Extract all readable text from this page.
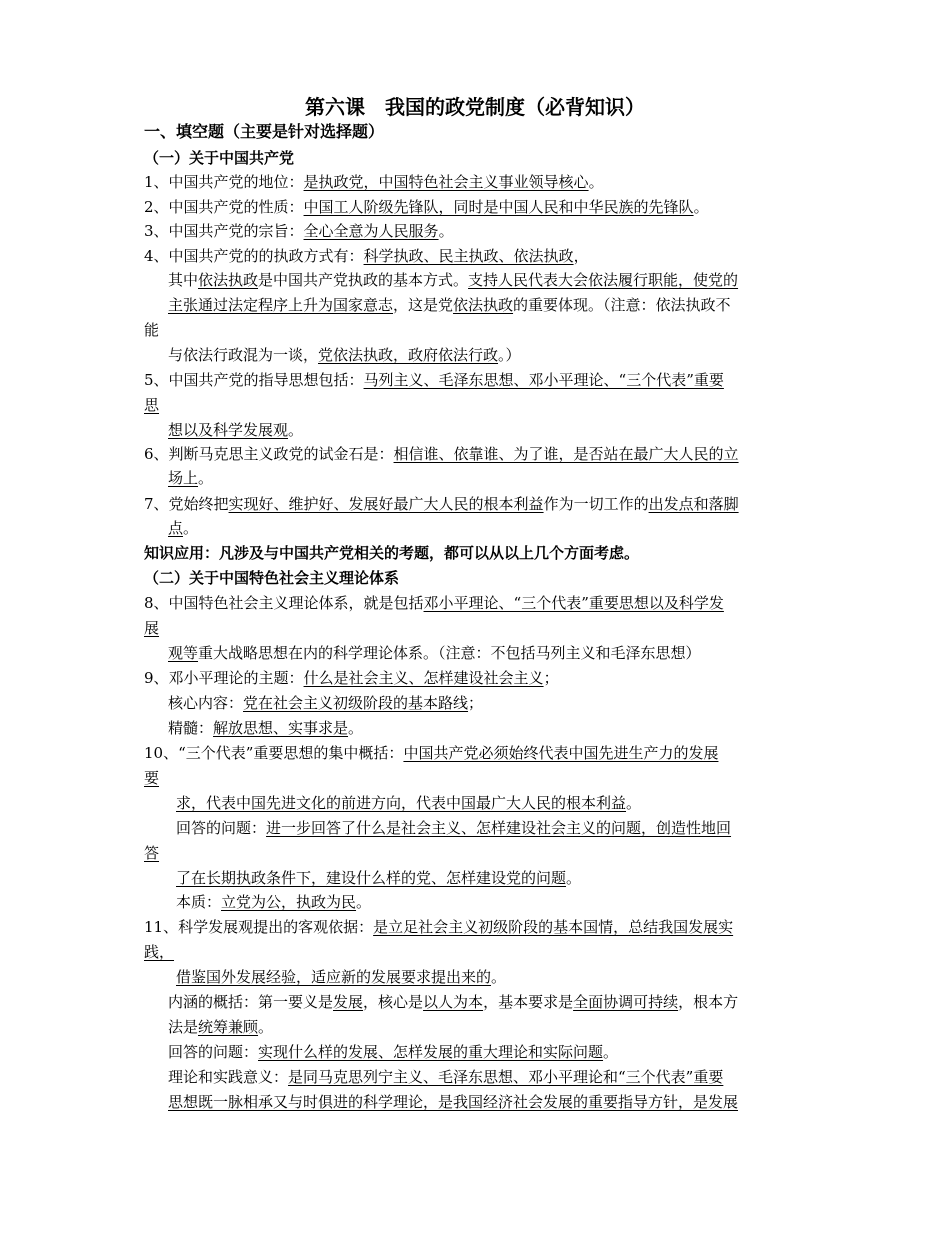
第六课　我国的政党制度（必背知识）
一、填空题（主要是针对选择题）
（一）关于中国共产党
1、中国共产党的地位：是执政党，中国特色社会主义事业领导核心。
2、中国共产党的性质：中国工人阶级先锋队，同时是中国人民和中华民族的先锋队。
3、中国共产党的宗旨：全心全意为人民服务。
4、中国共产党的的执政方式有：科学执政、民主执政、依法执政，
其中依法执政是中国共产党执政的基本方式。支持人民代表大会依法履行职能，使党的
主张通过法定程序上升为国家意志，这是党依法执政的重要体现。（注意：依法执政不
能
与依法行政混为一谈，党依法执政，政府依法行政。）
5、中国共产党的指导思想包括：马列主义、毛泽东思想、邓小平理论、“三个代表”重要
思
想以及科学发展观。
6、判断马克思主义政党的试金石是：相信谁、依靠谁、为了谁，是否站在最广大人民的立
场上。
7、党始终把实现好、维护好、发展好最广大人民的根本利益作为一切工作的出发点和落脚
点。
知识应用：凡涉及与中国共产党相关的考题，都可以从以上几个方面考虑。
（二）关于中国特色社会主义理论体系
8、中国特色社会主义理论体系，就是包括邓小平理论、“三个代表”重要思想以及科学发
展
观等重大战略思想在内的科学理论体系。（注意：不包括马列主义和毛泽东思想）
9、邓小平理论的主题：什么是社会主义、怎样建设社会主义；
核心内容：党在社会主义初级阶段的基本路线；
精髓：解放思想、实事求是。
10、“三个代表”重要思想的集中概括：中国共产党必须始终代表中国先进生产力的发展
要
求，代表中国先进文化的前进方向，代表中国最广大人民的根本利益。
回答的问题：进一步回答了什么是社会主义、怎样建设社会主义的问题，创造性地回
答
了在长期执政条件下，建设什么样的党、怎样建设党的问题。
本质：立党为公，执政为民。
11、科学发展观提出的客观依据：是立足社会主义初级阶段的基本国情，总结我国发展实
践，
借鉴国外发展经验，适应新的发展要求提出来的。
内涵的概括：第一要义是发展，核心是以人为本，基本要求是全面协调可持续，根本方
法是统筹兼顾。
回答的问题：实现什么样的发展、怎样发展的重大理论和实际问题。
理论和实践意义：是同马克思列宁主义、毛泽东思想、邓小平理论和“三个代表”重要
思想既一脉相承又与时俱进的科学理论，是我国经济社会发展的重要指导方针，是发展
